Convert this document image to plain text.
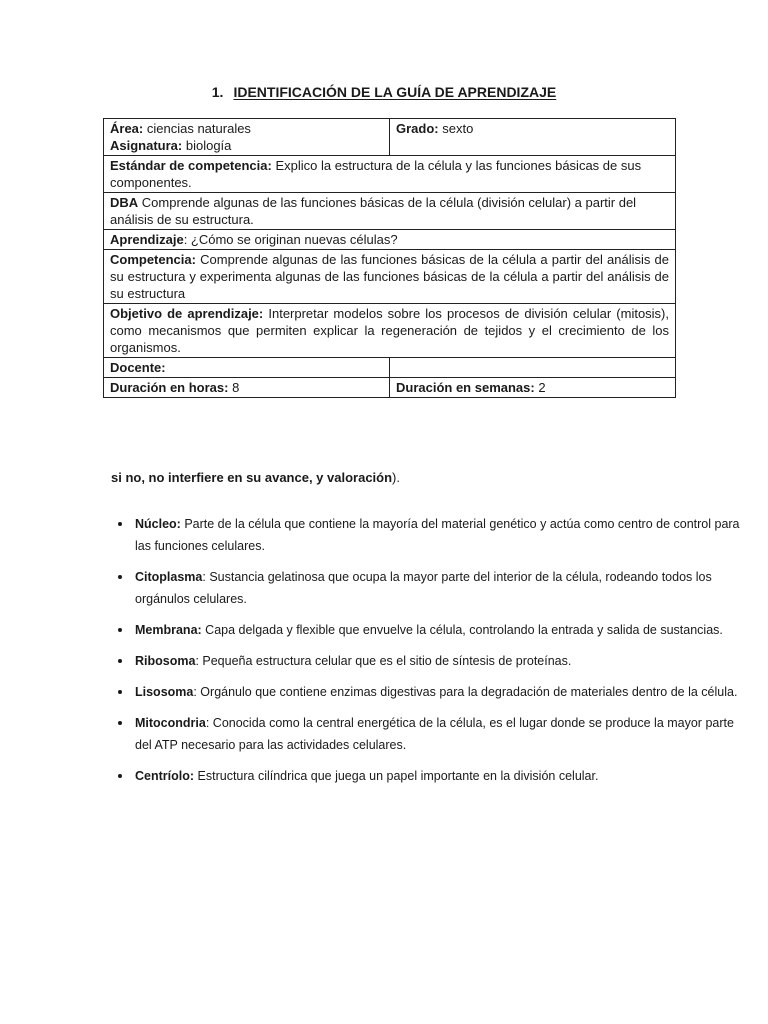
1. IDENTIFICACIÓN DE LA GUÍA DE APRENDIZAJE
Área: ciencias naturales
Asignatura: biología	Grado: sexto
Estándar de competencia: Explico la estructura de la célula y las funciones básicas de sus componentes.	
DBA Comprende algunas de las funciones básicas de la célula (división celular) a partir del análisis de su estructura.	
Aprendizaje: ¿Cómo se originan nuevas células?	
Competencia: Comprende algunas de las funciones básicas de la célula a partir del análisis de su estructura y experimenta algunas de las funciones básicas de la célula a partir del análisis de su estructura	
Objetivo de aprendizaje: Interpretar modelos sobre los procesos de división celular (mitosis), como mecanismos que permiten explicar la regeneración de tejidos y el crecimiento de los organismos.	
Docente:	
Duración en horas: 8	Duración en semanas: 2
si no, no interfiere en su avance, y valoración).
• Núcleo: Parte de la célula que contiene la mayoría del material genético y actúa como centro de control para las funciones celulares.
• Citoplasma: Sustancia gelatinosa que ocupa la mayor parte del interior de la célula, rodeando todos los orgánulos celulares.
• Membrana: Capa delgada y flexible que envuelve la célula, controlando la entrada y salida de sustancias.
• Ribosoma: Pequeña estructura celular que es el sitio de síntesis de proteínas.
• Lisosoma: Orgánulo que contiene enzimas digestivas para la degradación de materiales dentro de la célula.
• Mitocondria: Conocida como la central energética de la célula, es el lugar donde se produce la mayor parte del ATP necesario para las actividades celulares.
• Centríolo: Estructura cilíndrica que juega un papel importante en la división celular.
